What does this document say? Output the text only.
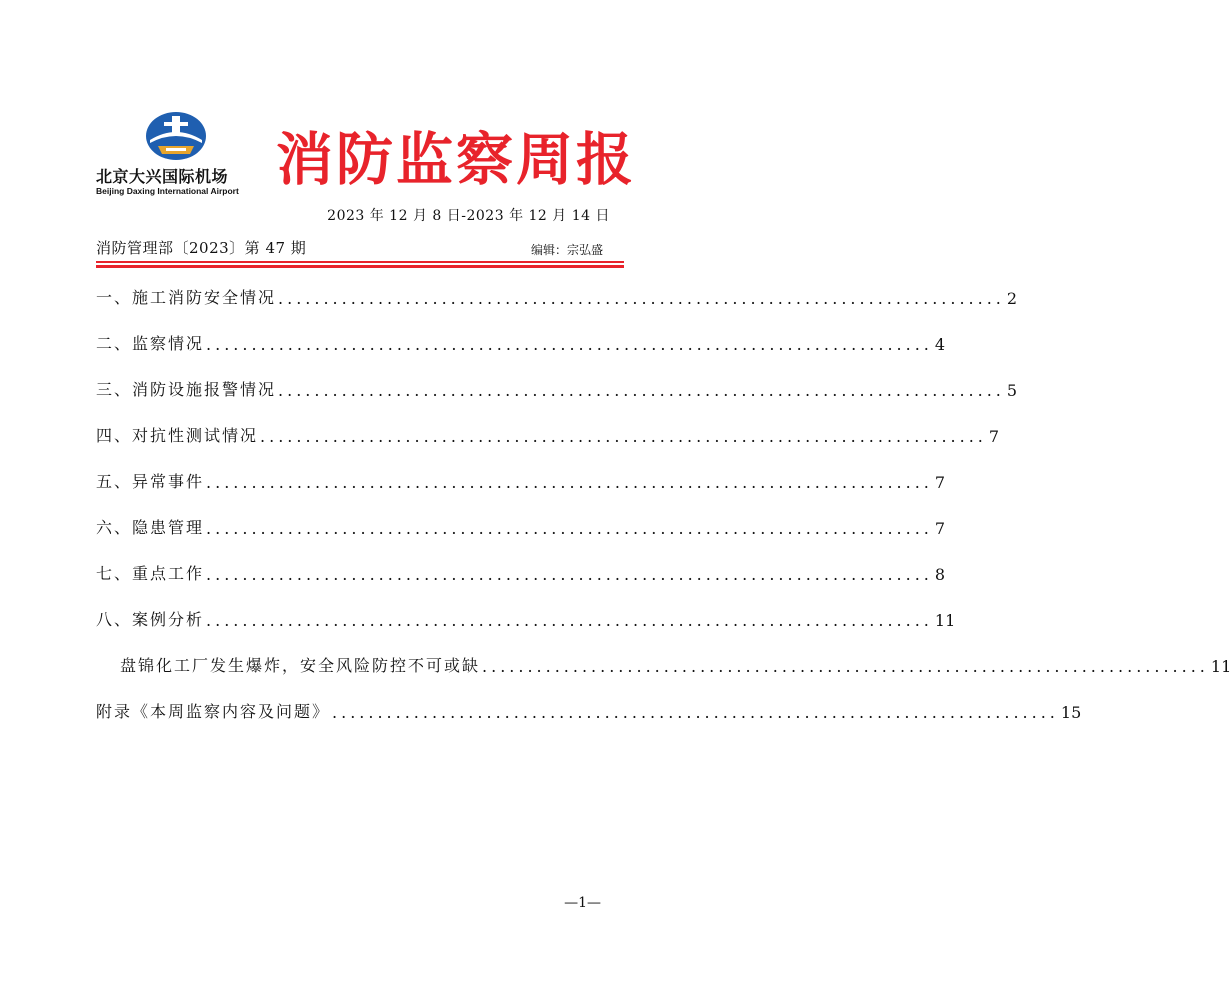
北京大兴国际机场
Beijing Daxing International Airport 消防监察周报
2023 年 12 月 8 日-2023 年 12 月 14 日
消防管理部〔2023〕第 47 期	编辑：宗弘盛
一、施工消防安全情况 ................................................................................ 2
二、监察情况 ................................................................................ 4
三、消防设施报警情况 ................................................................................ 5
四、对抗性测试情况 ................................................................................ 7
五、异常事件 ................................................................................ 7
六、隐患管理 ................................................................................ 7
七、重点工作 ................................................................................ 8
八、案例分析 ................................................................................ 11
盘锦化工厂发生爆炸，安全风险防控不可或缺 ................................................................................ 11
附录《本周监察内容及问题》 ................................................................................ 15
—1—
